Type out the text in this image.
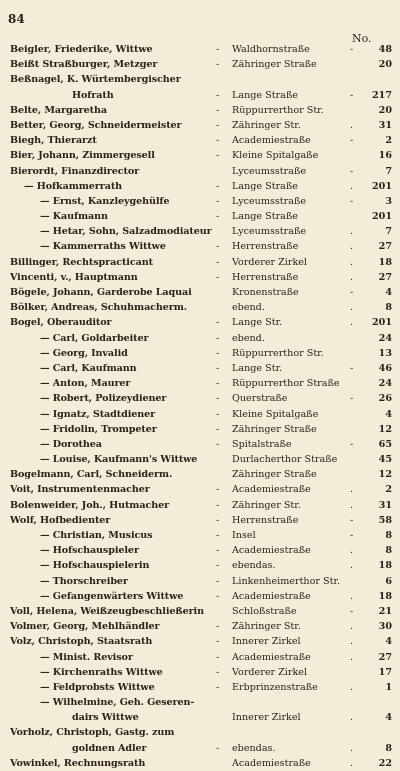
84
No.
Beigler, Friederike, Wittwe	- Waldhornstraße	-	48
Beißt Straßburger, Metzger	- Zähringer Straße	20
Beßnagel, K. Würtembergischer
Hofrath	- Lange Straße	-	217
Belte, Margaretha	- Rüppurrerthor Str.	20
Better, Georg, Schneidermeister	- Zähringer Str.	.	31
Biegh, Thierarzt	- Academiestraße	-	2
Bier, Johann, Zimmergesell	- Kleine Spitalgaße	16
Bierordt, Finanzdirector	Lycеumsstraße	-	7
— Hofkammerrath	- Lange Straße	.	201
— Ernst, Kanzleygehülfe	- Lycеumsstraße	-	3
— Kaufmann	- Lange Straße	201
— Hetar, Sohn, Salzadmodiateur	Lycеumsstraße	.	7
— Kammerraths Wittwe	- Herrenstraße	.	27
Billinger, Rechtspracticant	- Vorderer Zirkel	.	18
Vincenti, v., Hauptmann	- Herrenstraße	.	27
Bögele, Johann, Garderobe Laquai	Kronenstraße	-	4
Bölker, Andreas, Schuhmacherm.	ebend.	.	8
Bogel, Oberauditor	- Lange Str.	.	201
— Carl, Goldarbeiter	- ebend.	24
— Georg, Invalid	- Rüppurrerthor Str.	13
— Carl, Kaufmann	- Lange Str.	-	46
— Anton, Maurer	- Rüppurrerthor Straße	24
— Robert, Polizeydiener	- Querstraße	-	26
— Ignatz, Stadtdiener	- Kleine Spitalgaße	4
— Fridolin, Trompeter	- Zähringer Straße	12
— Dorothea	- Spitalstraße	-	65
— Louise, Kaufmann's Wittwe	Durlacherthor Straße	45
Bogelmann, Carl, Schneiderm.	Zähringer Straße	12
Voit, Instrumentenmacher	- Academiestraße	.	2
Bolenweider, Joh., Hutmacher	- Zähringer Str.	.	31
Wolf, Hofbedienter	- Herrenstraße	-	58
— Christian, Musicus	- Insel	-	8
— Hofschauspieler	- Academiestraße	.	8
— Hofschauspielerin	- ebendas.	.	18
— Thorschreiber	- Linkenheimerthor Str.	6
— Gefangenwärters Wittwe	- Academiestraße	.	18
Voll, Helena, Weißzeugbeschließerin	Schloßstraße	-	21
Volmer, Georg, Mehlhändler	- Zähringer Str.	.	30
Volz, Christoph, Staatsrath	- Innerer Zirkel	.	4
— Minist. Revisor	- Academiestraße	.	27
— Kirchenraths Wittwe	- Vorderer Zirkel	17
— Feldprobsts Wittwe	- Erbprinzenstraße	.	1
— Wilhelmine, Geh. Geseren-
dairs Wittwe	Innerer Zirkel	.	4
Vorholz, Christoph, Gastg. zum
goldnen Adler	- ebendas.	.	8
Vowinkel, Rechnungsrath	Academiestraße	.	22
